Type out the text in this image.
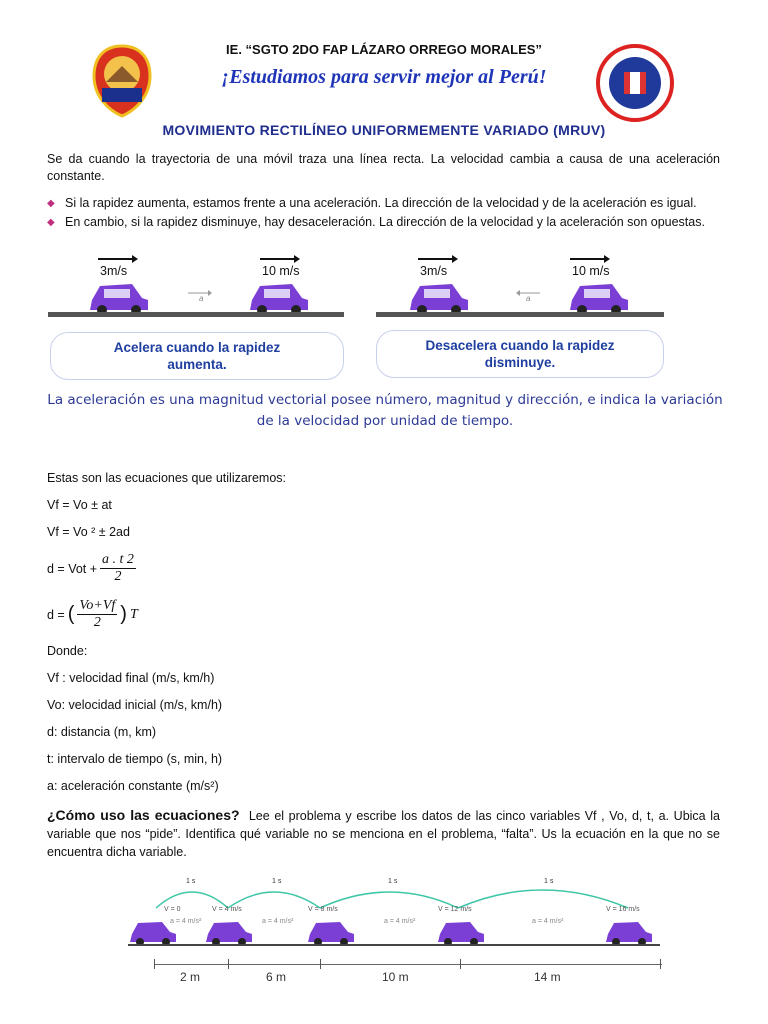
IE. “SGTO 2DO FAP LÁZARO ORREGO MORALES”
¡Estudiamos para servir mejor al Perú!
MOVIMIENTO RECTILÍNEO UNIFORMEMENTE VARIADO (MRUV)
Se da cuando la trayectoria de una móvil traza una línea recta. La velocidad cambia a causa de una aceleración constante.
◆ Si la rapidez aumenta, estamos frente a una aceleración. La dirección de la velocidad y de la aceleración es igual.
◆ En cambio, si la rapidez disminuye, hay desaceleración. La dirección de la velocidad y la aceleración son opuestas.
3m/s	10 m/s
a
Acelera cuando la rapidez aumenta.
3m/s	10 m/s
a
Desacelera cuando la rapidez disminuye.
La aceleración es una magnitud vectorial posee número, magnitud y dirección, e indica la variación de la velocidad por unidad de tiempo.
Estas son las ecuaciones que utilizaremos:
Vf = Vo ± at
Vf = Vo ² ± 2ad
d = Vot + $\frac{a . t 2}{2}$
d = ( $\frac{Vo+Vf}{2}$ ) T
Donde:
Vf : velocidad final (m/s, km/h)
Vo: velocidad inicial (m/s, km/h)
d: distancia (m, km)
t: intervalo de tiempo (s, min, h)
a: aceleración constante (m/s²)
¿Cómo uso las ecuaciones? Lee el problema y escribe los datos de las cinco variables Vf , Vo, d, t, a. Ubica la variable que nos “pide”. Identifica qué variable no se menciona en el problema, “falta”. Us la ecuación en la que no se encuentra dicha variable.
1 s	1 s	1 s	1 s
V = 0	V = 4 m/s	V = 8 m/s	V = 12 m/s	V = 16 m/s
a = 4 m/s²	a = 4 m/s²	a = 4 m/s²	a = 4 m/s²
2 m	6 m	10 m	14 m
